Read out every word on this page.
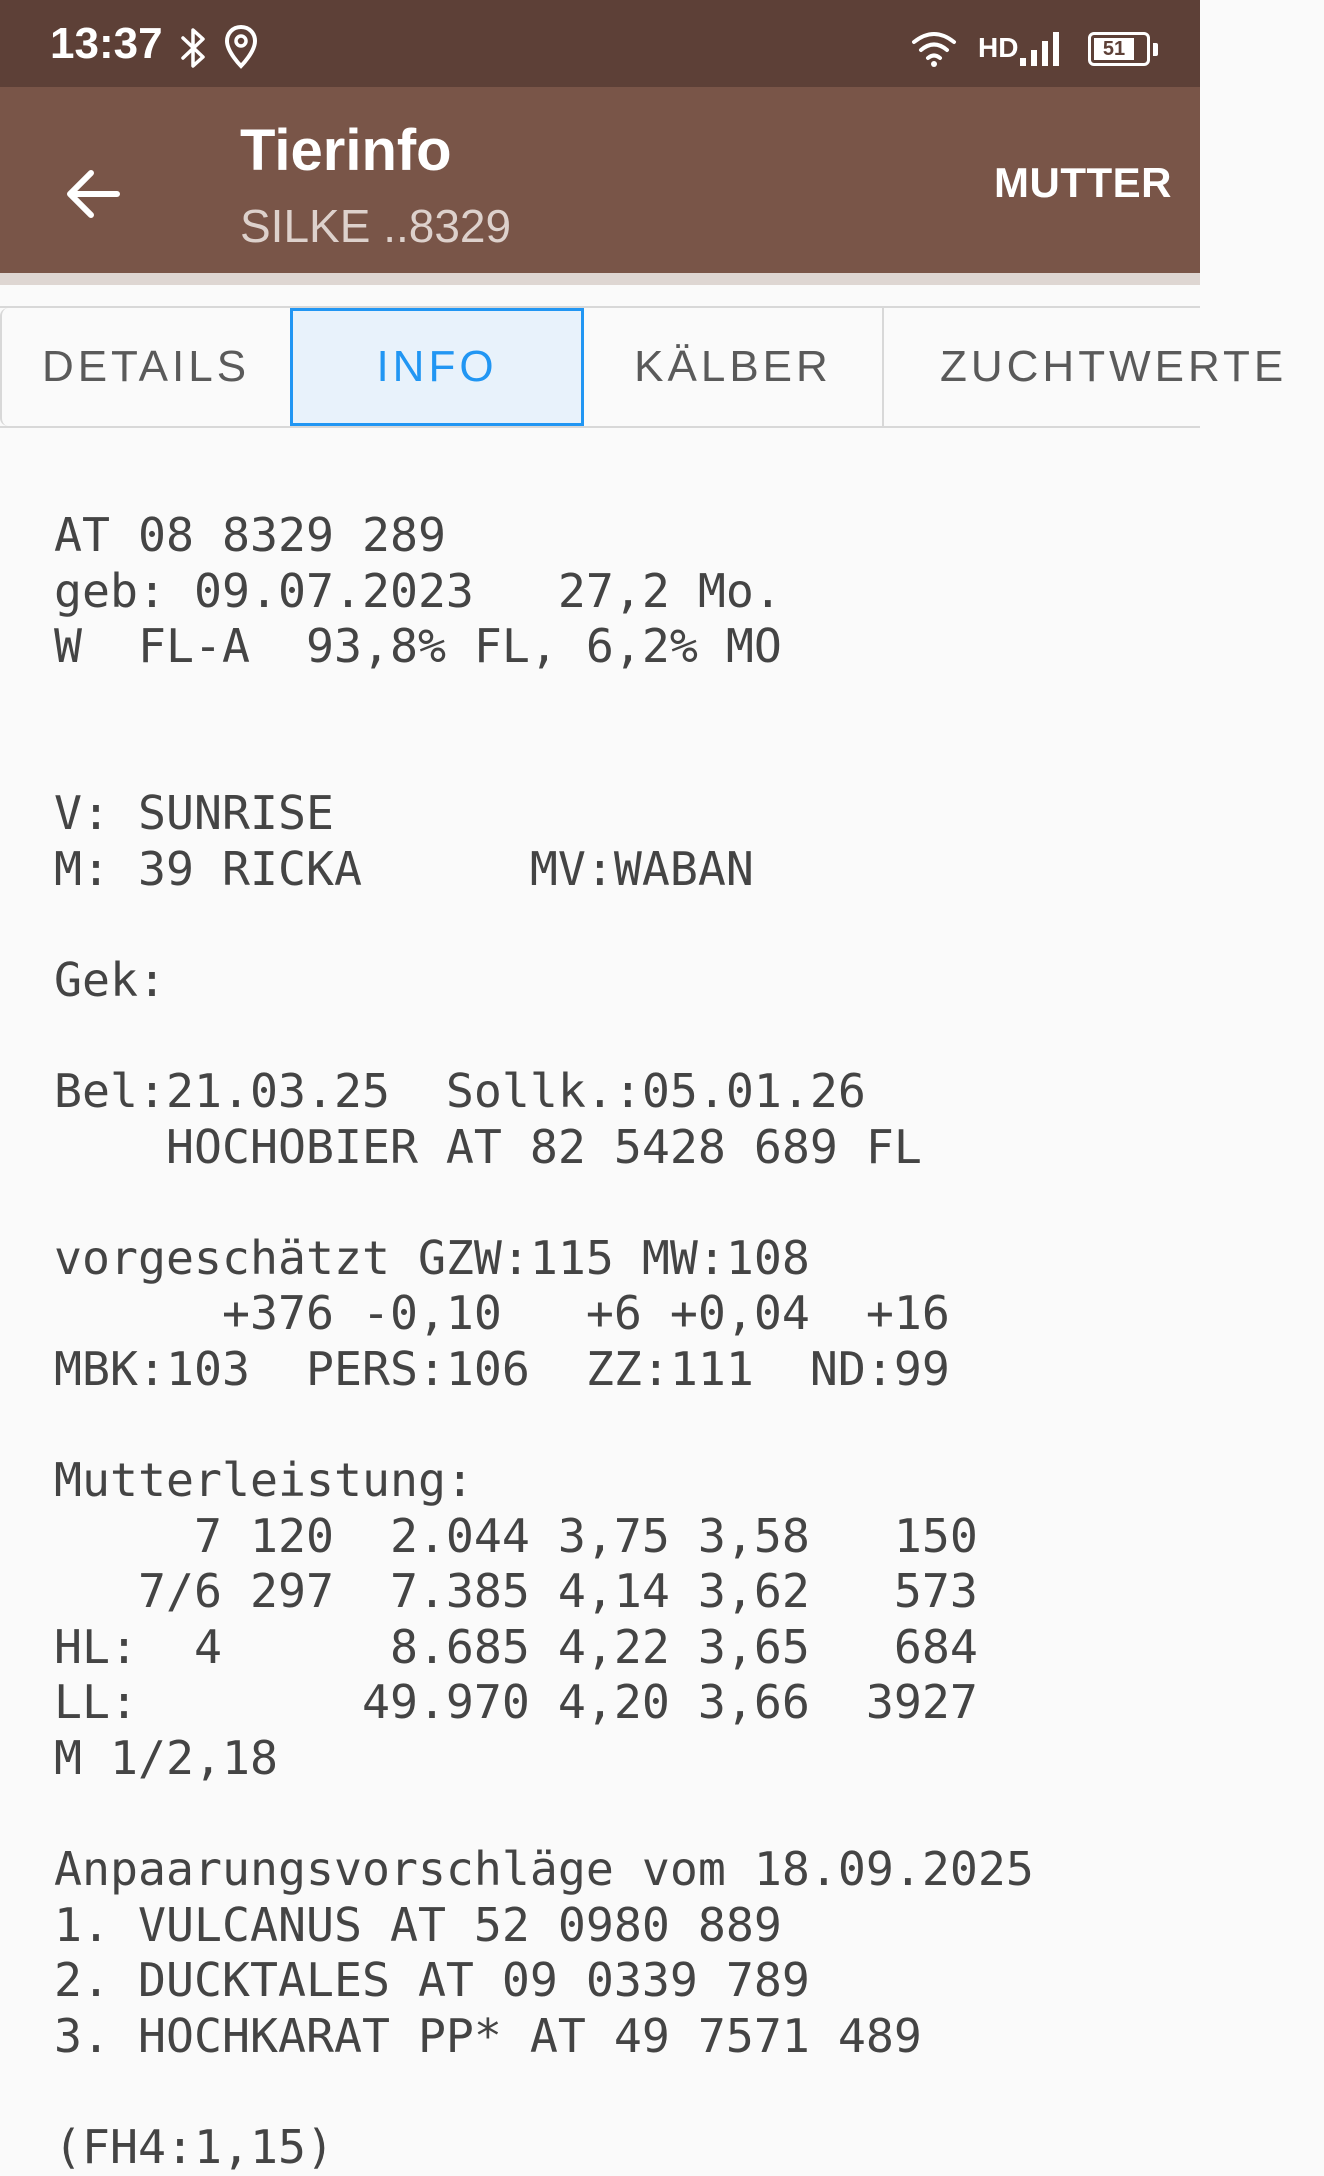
13:37	HD	51
Tierinfo
SILKE ..8329
MUTTER
DETAILS	INFO	KÄLBER	ZUCHTWERTE
AT 08 8329 289
geb: 09.07.2023   27,2 Mo.
W  FL-A  93,8% FL, 6,2% MO

V: SUNRISE
M: 39 RICKA      MV:WABAN

Gek:

Bel:21.03.25  Sollk.:05.01.26
HOCHOBIER AT 82 5428 689 FL

vorgeschätzt GZW:115 MW:108
+376 -0,10   +6 +0,04  +16
MBK:103  PERS:106  ZZ:111  ND:99

Mutterleistung:
7 120  2.044 3,75 3,58   150
7/6 297  7.385 4,14 3,62   573
HL:  4      8.685 4,22 3,65   684
LL:        49.970 4,20 3,66  3927
M 1/2,18

Anpaarungsvorschläge vom 18.09.2025
1. VULCANUS AT 52 0980 889
2. DUCKTALES AT 09 0339 789
3. HOCHKARAT PP* AT 49 7571 489

(FH4:1,15)
